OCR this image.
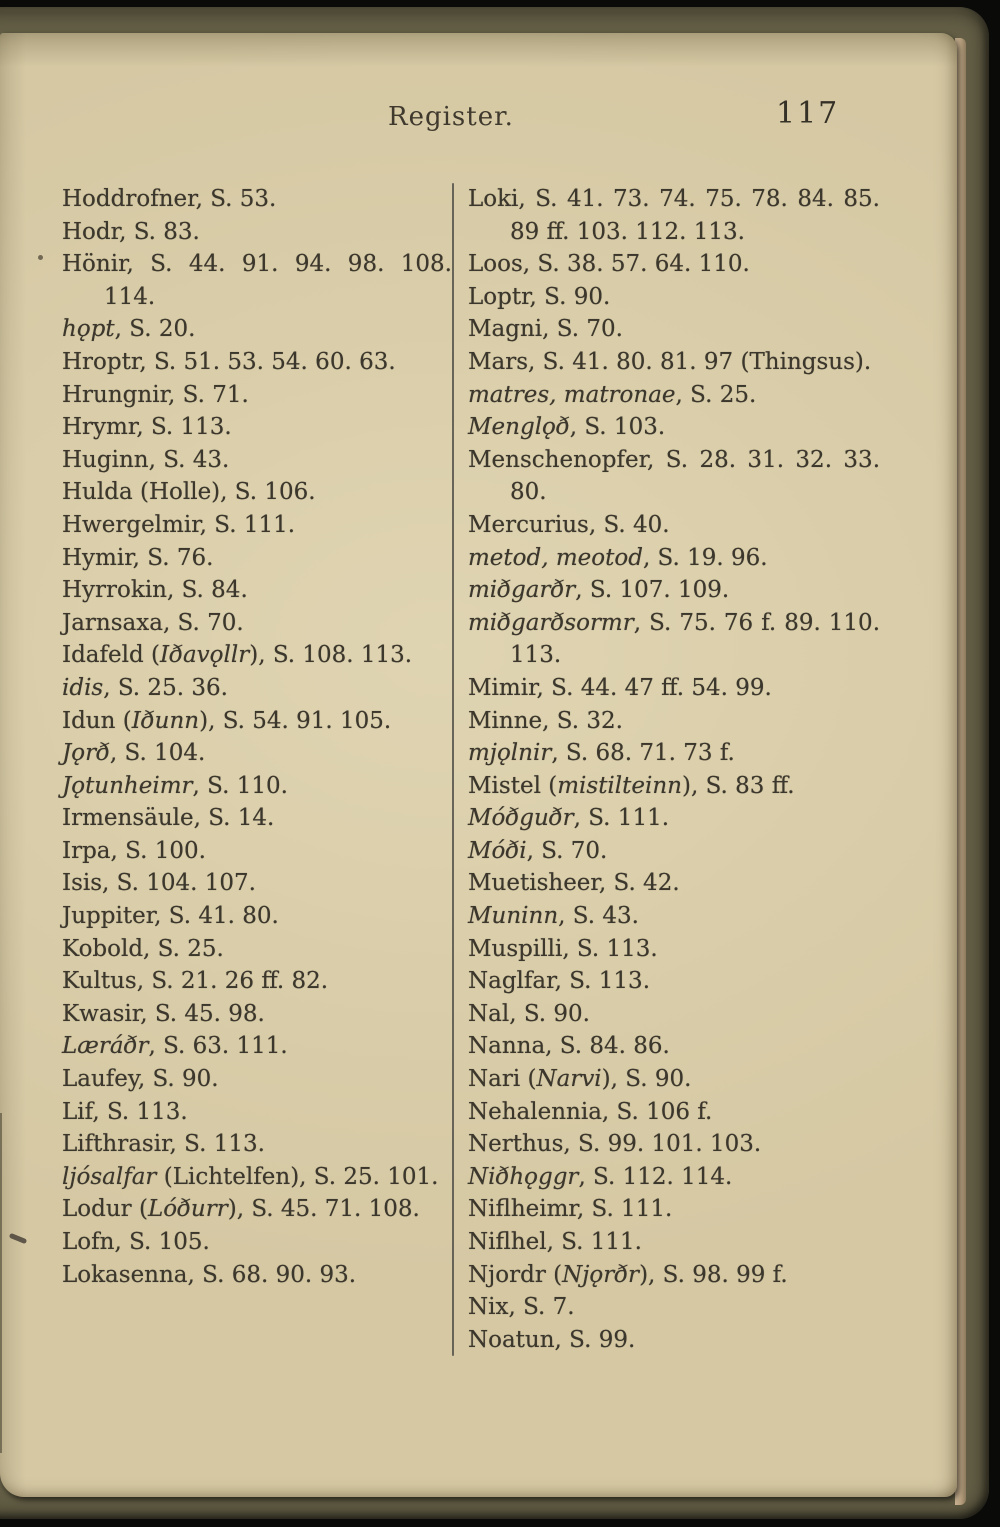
Register.	117

Hoddrofner, S. 53.

Hodr, S. 83.

Hönir, S. 44. 91. 94. 98. 108. 114.

hǫpt, S. 20.

Hroptr, S. 51. 53. 54. 60. 63.

Hrungnir, S. 71.

Hrymr, S. 113.

Huginn, S. 43.

Hulda (Holle), S. 106.

Hwergelmir, S. 111.

Hymir, S. 76.

Hyrrokin, S. 84.

Jarnsaxa, S. 70.

Idafeld (Iðavǫllr), S. 108. 113.

idis, S. 25. 36.

Idun (Iðunn), S. 54. 91. 105.

Jǫrð, S. 104.

Jǫtunheimr, S. 110.

Irmensäule, S. 14.

Irpa, S. 100.

Isis, S. 104. 107.

Juppiter, S. 41. 80.

Kobold, S. 25.

Kultus, S. 21. 26 ff. 82.

Kwasir, S. 45. 98.

Læráðr, S. 63. 111.

Laufey, S. 90.

Lif, S. 113.

Lifthrasir, S. 113.

ljósalfar (Lichtelfen), S. 25. 101.

Lodur (Lóðurr), S. 45. 71. 108.

Lofn, S. 105.

Lokasenna, S. 68. 90. 93.

Loki, S. 41. 73. 74. 75. 78. 84. 85. 89 ff. 103. 112. 113.

Loos, S. 38. 57. 64. 110.

Loptr, S. 90.

Magni, S. 70.

Mars, S. 41. 80. 81. 97 (Thingsus).

matres, matronae, S. 25.

Menglǫð, S. 103.

Menschenopfer, S. 28. 31. 32. 33. 80.

Mercurius, S. 40.

metod, meotod, S. 19. 96.

miðgarðr, S. 107. 109.

miðgarðsormr, S. 75. 76 f. 89. 110. 113.

Mimir, S. 44. 47 ff. 54. 99.

Minne, S. 32.

mjǫlnir, S. 68. 71. 73 f.

Mistel (mistilteinn), S. 83 ff.

Móðguðr, S. 111.

Móði, S. 70.

Muetisheer, S. 42.

Muninn, S. 43.

Muspilli, S. 113.

Naglfar, S. 113.

Nal, S. 90.

Nanna, S. 84. 86.

Nari (Narvi), S. 90.

Nehalennia, S. 106 f.

Nerthus, S. 99. 101. 103.

Niðhǫggr, S. 112. 114.

Niflheimr, S. 111.

Niflhel, S. 111.

Njordr (Njǫrðr), S. 98. 99 f.

Nix, S. 7.

Noatun, S. 99.
